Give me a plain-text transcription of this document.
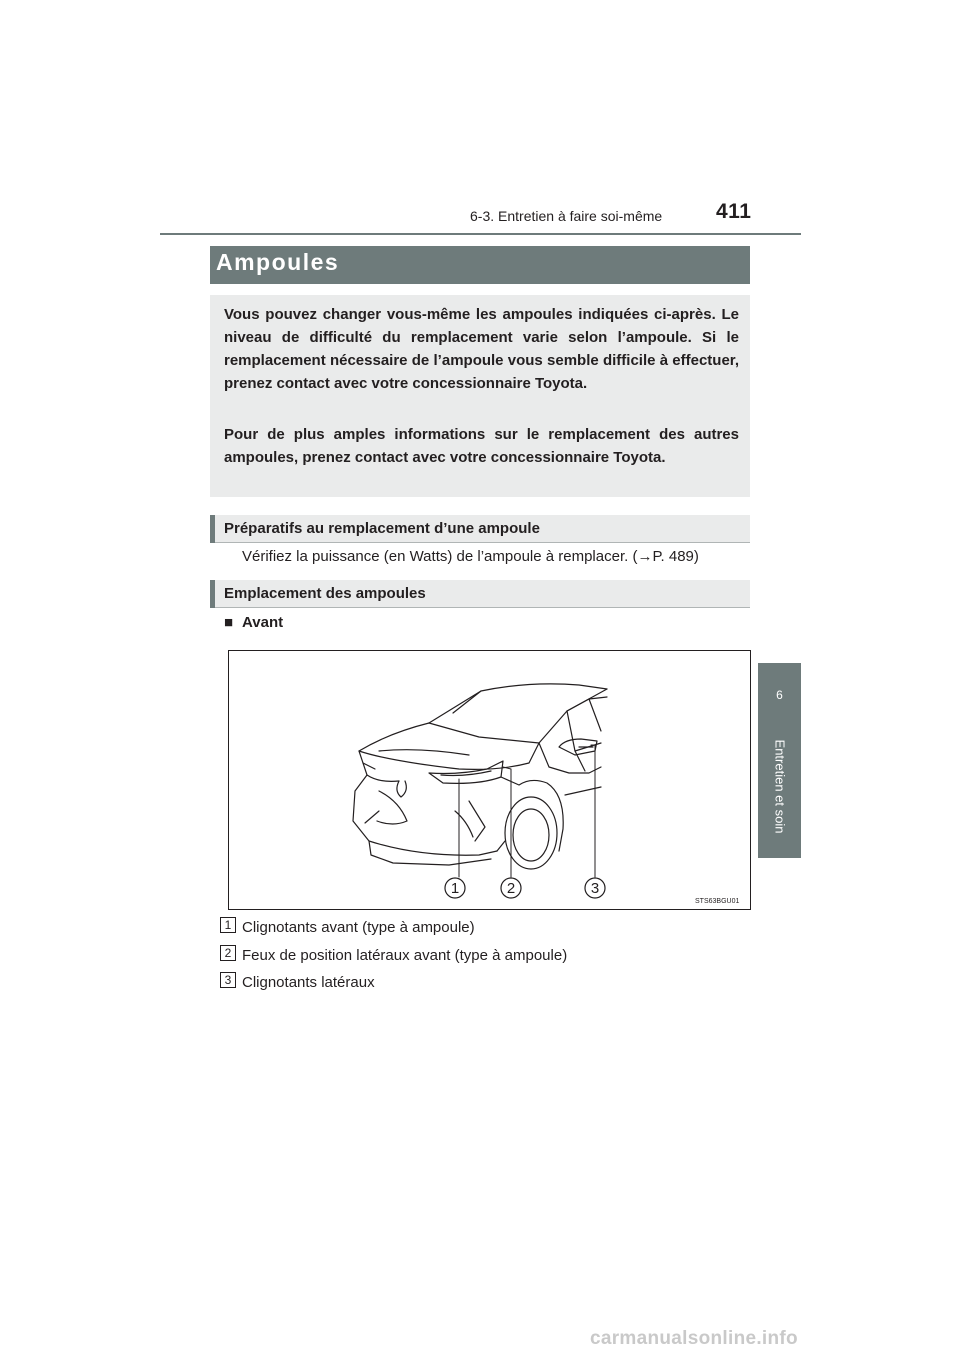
6-3. Entretien à faire soi-même	411
6
Entretien et soin
Ampoules
Vous pouvez changer vous-même les ampoules indiquées ci-après. Le niveau de difficulté du remplacement varie selon l’ampoule. Si le remplacement nécessaire de l’ampoule vous semble difficile à effectuer, prenez contact avec votre concessionnaire Toyota.
Pour de plus amples informations sur le remplacement des autres ampoules, prenez contact avec votre concessionnaire Toyota.
Préparatifs au remplacement d’une ampoule
Vérifiez la puissance (en Watts) de l’ampoule à remplacer. (→P. 489)
Emplacement des ampoules
■ Avant
1	2	3
STS63BGU01
1 Clignotants avant (type à ampoule)
2 Feux de position latéraux avant (type à ampoule)
3 Clignotants latéraux
carmanualsonline.info
